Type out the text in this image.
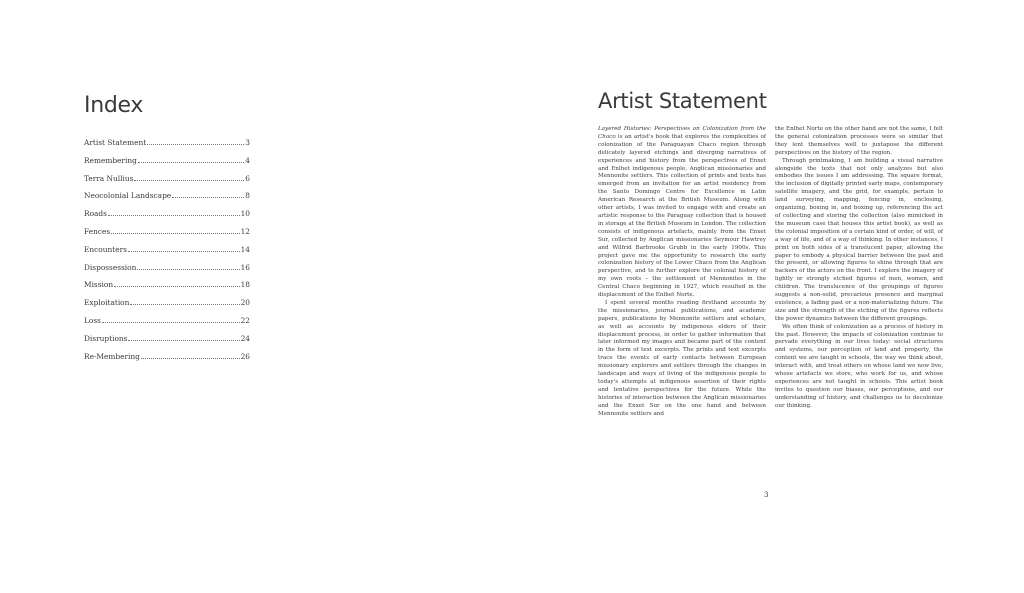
Index
Artist Statement	3
Remembering	4
Terra Nullius	6
Neocolonial Landscape	8
Roads	10
Fences	12
Encounters	14
Dispossession	16
Mission	18
Exploitation	20
Loss	22
Disruptions	24
Re-Membering	26
Artist Statement

Layered Histories: Perspectives on Colonization from the Chaco is an artist's book that explores the complexities of colonization of the Paraguayan Chaco region through delicately layered etchings and diverging narratives of experiences and history from the perspectives of Enxet and Enlhet indigenous people, Anglican missionaries and Mennonite settlers. This collection of prints and texts has emerged from an invitation for an artist residency from the Santo Domingo Centre for Excellence in Latin American Research at the British Museum. Along with other artists, I was invited to engage with and create an artistic response to the Paraguay collection that is housed in storage at the British Museum in London. The collection consists of indigenous artefacts, mainly from the Enxet Sur, collected by Anglican missionaries Seymour Hawtrey and Wilfrid Barbrooke Grubb in the early 1900s. This project gave me the opportunity to research the early colonization history of the Lower Chaco from the Anglican perspective, and to further explore the colonial history of my own roots – the settlement of Mennonites in the Central Chaco beginning in 1927, which resulted in the displacement of the Enlhet Norte.

I spent several months reading firsthand accounts by the missionaries, journal publications, and academic papers, publications by Mennonite settlers and scholars, as well as accounts by indigenous elders of their displacement process, in order to gather information that later informed my images and became part of the content in the form of text excerpts. The prints and text excerpts trace the events of early contacts between European missionary explorers and settlers through the changes in landscape and ways of living of the indigenous people to today's attempts at indigenous assertion of their rights and tentative perspectives for the future. While the histories of interaction between the Anglican missionaries and the Enxet Sur on the one hand and between Mennonite settlers and

the Enlhet Norte on the other hand are not the same, I felt the general colonization processes were so similar that they lent themselves well to juxtapose the different perspectives on the history of the region.

Through printmaking, I am building a visual narrative alongside the texts that not only analyzes but also embodies the issues I am addressing. The square format, the inclusion of digitally printed early maps, contemporary satellite imagery, and the grid, for example, pertain to land surveying, mapping, fencing in, enclosing, organizing, boxing in, and boxing up, referencing the act of collecting and storing the collection (also mimicked in the museum case that houses this artist book), as well as the colonial imposition of a certain kind of order, of will, of a way of life, and of a way of thinking. In other instances, I print on both sides of a translucent paper, allowing the paper to embody a physical barrier between the past and the present, or allowing figures to shine through that are backers of the actors on the front. I explore the imagery of lightly or strongly etched figures of men, women, and children. The translucence of the groupings of figures suggests a non-solid, precarious presence and marginal existence, a fading past or a non-materializing future. The size and the strength of the etching of the figures reflects the power dynamics between the different groupings.

We often think of colonization as a process of history in the past. However, the impacts of colonization continue to pervade everything in our lives today: social structures and systems, our perception of land and property, the content we are taught in schools, the way we think about, interact with, and treat others on whose land we now live, whose artefacts we store, who work for us, and whose experiences are not taught in schools. This artist book invites to question our biases, our perceptions, and our understanding of history, and challenges us to decolonize our thinking.

3
